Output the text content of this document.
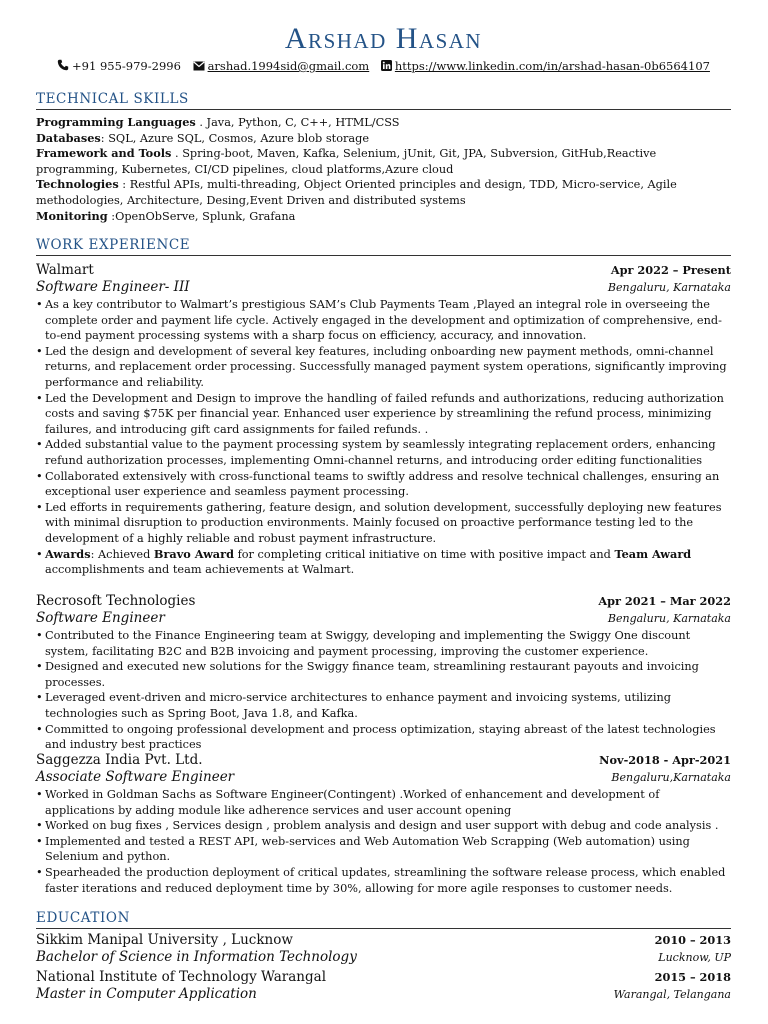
Arshad Hasan
+91 955-979-2996 arshad.1994sid@gmail.com https://www.linkedin.com/in/arshad-hasan-0b6564107
TECHNICAL SKILLS
Programming Languages . Java, Python, C, C++, HTML/CSS
Databases: SQL, Azure SQL, Cosmos, Azure blob storage
Framework and Tools . Spring-boot, Maven, Kafka, Selenium, jUnit, Git, JPA, Subversion, GitHub,Reactive programming, Kubernetes, CI/CD pipelines, cloud platforms,Azure cloud
Technologies : Restful APIs, multi-threading, Object Oriented principles and design, TDD, Micro-service, Agile methodologies, Architecture, Desing,Event Driven and distributed systems
Monitoring :OpenObServe, Splunk, Grafana
WORK EXPERIENCE
Walmart	Apr 2022 – Present
Software Engineer- III	Bengaluru, Karnataka
• As a key contributor to Walmart’s prestigious SAM’s Club Payments Team ,Played an integral role in overseeing the complete order and payment life cycle. Actively engaged in the development and optimization of comprehensive, end-to-end payment processing systems with a sharp focus on efficiency, accuracy, and innovation.
• Led the design and development of several key features, including onboarding new payment methods, omni-channel returns, and replacement order processing. Successfully managed payment system operations, significantly improving performance and reliability.
• Led the Development and Design to improve the handling of failed refunds and authorizations, reducing authorization costs and saving $75K per financial year. Enhanced user experience by streamlining the refund process, minimizing failures, and introducing gift card assignments for failed refunds. .
• Added substantial value to the payment processing system by seamlessly integrating replacement orders, enhancing refund authorization processes, implementing Omni-channel returns, and introducing order editing functionalities
• Collaborated extensively with cross-functional teams to swiftly address and resolve technical challenges, ensuring an exceptional user experience and seamless payment processing.
• Led efforts in requirements gathering, feature design, and solution development, successfully deploying new features with minimal disruption to production environments. Mainly focused on proactive performance testing led to the development of a highly reliable and robust payment infrastructure.
• Awards: Achieved Bravo Award for completing critical initiative on time with positive impact and Team Award accomplishments and team achievements at Walmart.
Recrosoft Technologies	Apr 2021 – Mar 2022
Software Engineer	Bengaluru, Karnataka
• Contributed to the Finance Engineering team at Swiggy, developing and implementing the Swiggy One discount system, facilitating B2C and B2B invoicing and payment processing, improving the customer experience.
• Designed and executed new solutions for the Swiggy finance team, streamlining restaurant payouts and invoicing processes.
• Leveraged event-driven and micro-service architectures to enhance payment and invoicing systems, utilizing technologies such as Spring Boot, Java 1.8, and Kafka.
• Committed to ongoing professional development and process optimization, staying abreast of the latest technologies and industry best practices
Saggezza India Pvt. Ltd.	Nov-2018 - Apr-2021
Associate Software Engineer	Bengaluru,Karnataka
• Worked in Goldman Sachs as Software Engineer(Contingent) .Worked of enhancement and development of applications by adding module like adherence services and user account opening
• Worked on bug fixes , Services design , problem analysis and design and user support with debug and code analysis .
• Implemented and tested a REST API, web-services and Web Automation Web Scrapping (Web automation) using Selenium and python.
• Spearheaded the production deployment of critical updates, streamlining the software release process, which enabled faster iterations and reduced deployment time by 30%, allowing for more agile responses to customer needs.
EDUCATION
Sikkim Manipal University , Lucknow	2010 – 2013
Bachelor of Science in Information Technology	Lucknow, UP
National Institute of Technology Warangal	2015 – 2018
Master in Computer Application	Warangal, Telangana
